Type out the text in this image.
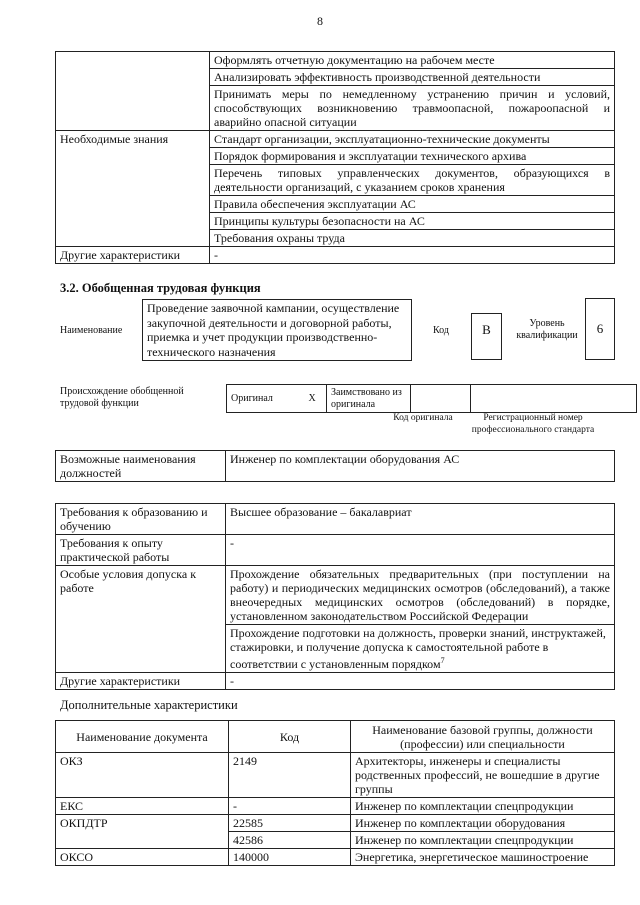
8
	Оформлять отчетную документацию на рабочем месте
	Анализировать эффективность производственной деятельности
	Принимать меры по немедленному устранению причин и условий, способствующих возникновению травмоопасной, пожароопасной и аварийно опасной ситуации
Необходимые знания	Стандарт организации, эксплуатационно-технические документы
	Порядок формирования и эксплуатации технического архива
	Перечень типовых управленческих документов, образующихся в деятельности организаций, с указанием сроков хранения
	Правила обеспечения эксплуатации АС
	Принципы культуры безопасности на АС
	Требования охраны труда
Другие характеристики	-
3.2. Обобщенная трудовая функция
Наименование
Проведение заявочной кампании, осуществление закупочной деятельности и договорной работы, приемка и учет продукции производственно-технического назначения
Код	B	Уровень квалификации	6
Происхождение обобщенной трудовой функции	Оригинал	X	Заимствовано из оригинала		
Код оригинала	Регистрационный номер профессионального стандарта
Возможные наименования должностей	Инженер по комплектации оборудования АС
Требования к образованию и обучению	Высшее образование – бакалавриат
Требования к опыту практической работы	-
Особые условия допуска к работе	Прохождение обязательных предварительных (при поступлении на работу) и периодических медицинских осмотров (обследований), а также внеочередных медицинских осмотров (обследований) в порядке, установленном законодательством Российской Федерации
	Прохождение подготовки на должность, проверки знаний, инструктажей, стажировки, и получение допуска к самостоятельной работе в соответствии с установленным порядком$^7$
Другие характеристики	-
Дополнительные характеристики
Наименование документа	Код	Наименование базовой группы, должности (профессии) или специальности
ОКЗ	2149	Архитекторы, инженеры и специалисты родственных профессий, не вошедшие в другие группы
ЕКС	-	Инженер по комплектации спецпродукции
ОКПДТР	22585	Инженер по комплектации оборудования
	42586	Инженер по комплектации спецпродукции
ОКСО	140000	Энергетика, энергетическое машиностроение
